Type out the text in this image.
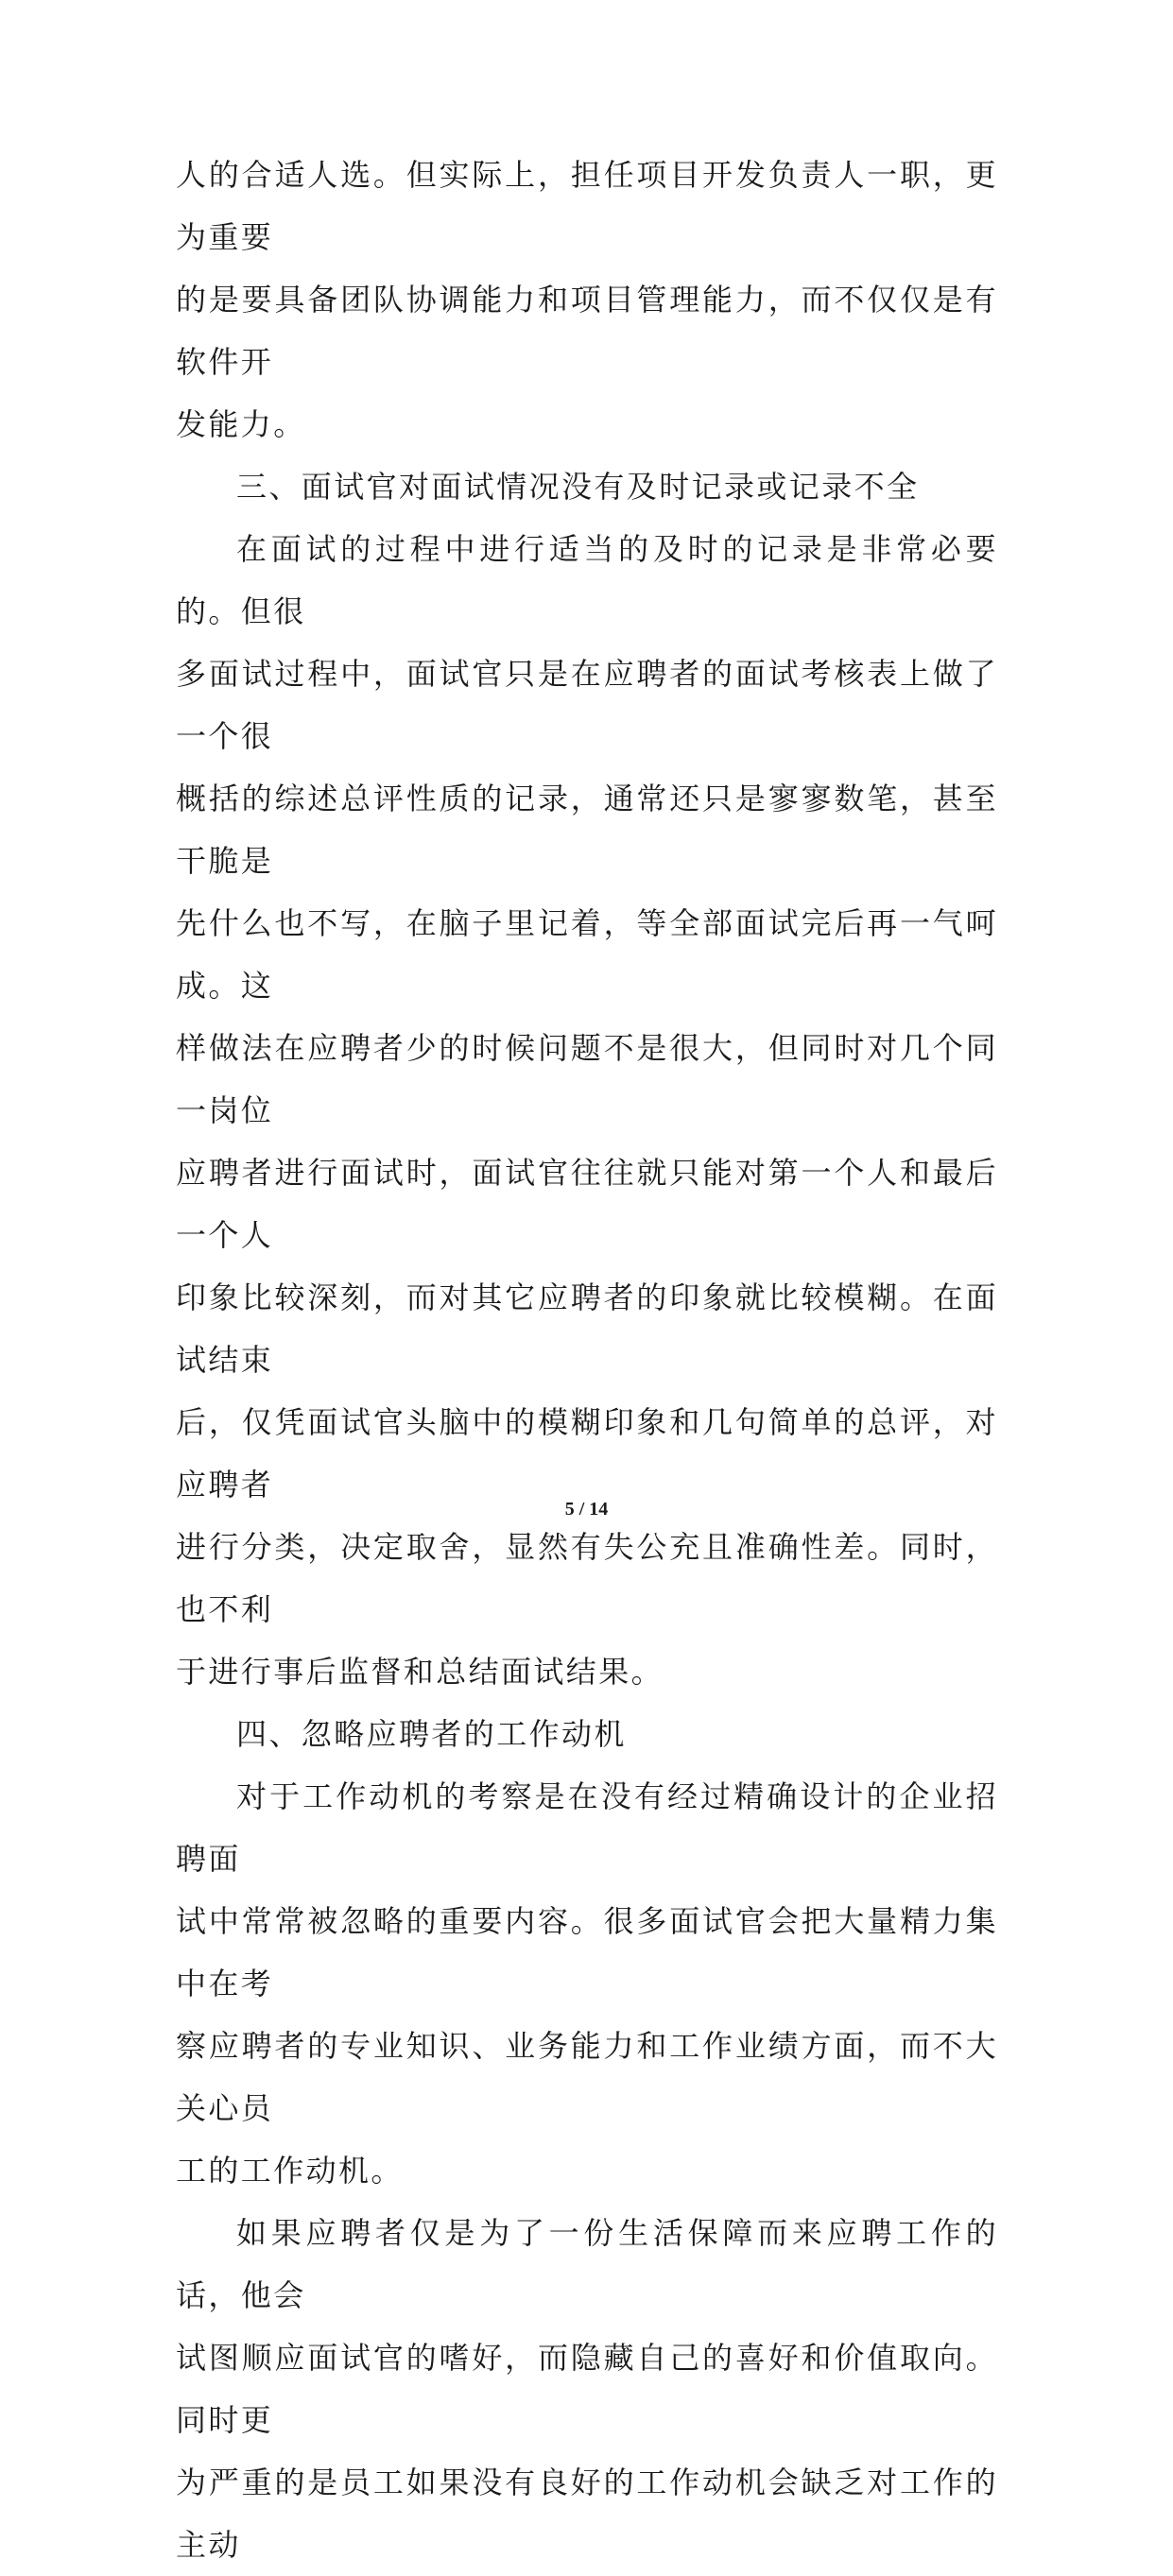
人的合适人选。但实际上，担任项目开发负责人一职，更为重要
的是要具备团队协调能力和项目管理能力，而不仅仅是有软件开
发能力。

三、面试官对面试情况没有及时记录或记录不全

在面试的过程中进行适当的及时的记录是非常必要的。但很
多面试过程中，面试官只是在应聘者的面试考核表上做了一个很
概括的综述总评性质的记录，通常还只是寥寥数笔，甚至干脆是
先什么也不写，在脑子里记着，等全部面试完后再一气呵成。这
样做法在应聘者少的时候问题不是很大，但同时对几个同一岗位
应聘者进行面试时，面试官往往就只能对第一个人和最后一个人
印象比较深刻，而对其它应聘者的印象就比较模糊。在面试结束
后，仅凭面试官头脑中的模糊印象和几句简单的总评，对应聘者
进行分类，决定取舍，显然有失公充且准确性差。同时，也不利
于进行事后监督和总结面试结果。

四、忽略应聘者的工作动机

对于工作动机的考察是在没有经过精确设计的企业招聘面
试中常常被忽略的重要内容。很多面试官会把大量精力集中在考
察应聘者的专业知识、业务能力和工作业绩方面，而不大关心员
工的工作动机。

如果应聘者仅是为了一份生活保障而来应聘工作的话，他会
试图顺应面试官的嗜好，而隐藏自己的喜好和价值取向。同时更
为严重的是员工如果没有良好的工作动机会缺乏对工作的主动

5 / 14
